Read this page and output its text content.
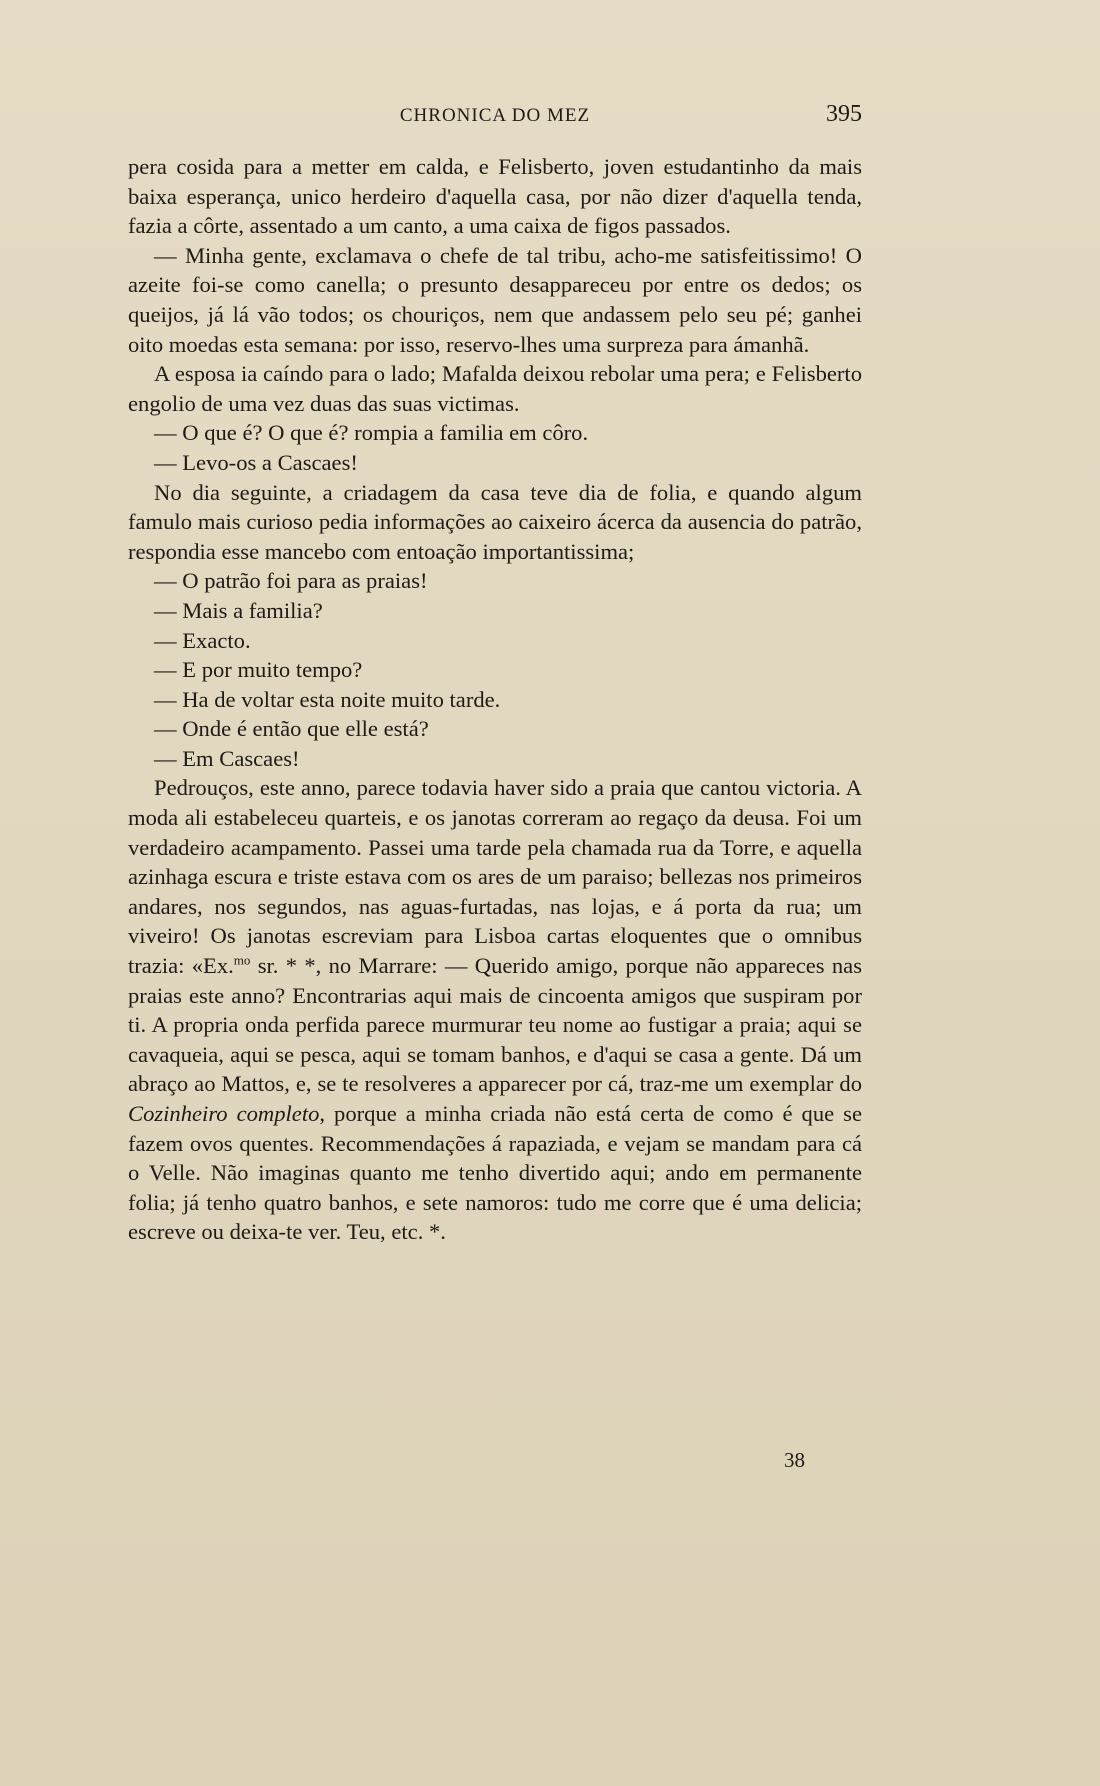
CHRONICA DO MEZ	395

pera cosida para a metter em calda, e Felisberto, joven estudantinho da mais baixa esperança, unico herdeiro d'aquella casa, por não dizer d'aquella tenda, fazia a côrte, assentado a um canto, a uma caixa de figos passados.

— Minha gente, exclamava o chefe de tal tribu, acho-me satisfeitissimo! O azeite foi-se como canella; o presunto desappareceu por entre os dedos; os queijos, já lá vão todos; os chouriços, nem que andassem pelo seu pé; ganhei oito moedas esta semana: por isso, reservo-lhes uma surpreza para ámanhã.

A esposa ia caíndo para o lado; Mafalda deixou rebolar uma pera; e Felisberto engolio de uma vez duas das suas victimas.

— O que é? O que é? rompia a familia em côro.

— Levo-os a Cascaes!

No dia seguinte, a criadagem da casa teve dia de folia, e quando algum famulo mais curioso pedia informações ao caixeiro ácerca da ausencia do patrão, respondia esse mancebo com entoação importantissima;

— O patrão foi para as praias!

— Mais a familia?

— Exacto.

— E por muito tempo?

— Ha de voltar esta noite muito tarde.

— Onde é então que elle está?

— Em Cascaes!

Pedrouços, este anno, parece todavia haver sido a praia que cantou victoria. A moda ali estabeleceu quarteis, e os janotas correram ao regaço da deusa. Foi um verdadeiro acampamento. Passei uma tarde pela chamada rua da Torre, e aquella azinhaga escura e triste estava com os ares de um paraiso; bellezas nos primeiros andares, nos segundos, nas aguas-furtadas, nas lojas, e á porta da rua; um viveiro! Os janotas escreviam para Lisboa cartas eloquentes que o omnibus trazia: «Ex.$^{mo}$ sr. * *, no Marrare: — Querido amigo, porque não appareces nas praias este anno? Encontrarias aqui mais de cincoenta amigos que suspiram por ti. A propria onda perfida parece murmurar teu nome ao fustigar a praia; aqui se cavaqueia, aqui se pesca, aqui se tomam banhos, e d'aqui se casa a gente. Dá um abraço ao Mattos, e, se te resolveres a apparecer por cá, traz-me um exemplar do Cozinheiro completo, porque a minha criada não está certa de como é que se fazem ovos quentes. Recommendações á rapaziada, e vejam se mandam para cá o Velle. Não imaginas quanto me tenho divertido aqui; ando em permanente folia; já tenho quatro banhos, e sete namoros: tudo me corre que é uma delicia; escreve ou deixa-te ver. Teu, etc. *.

38
